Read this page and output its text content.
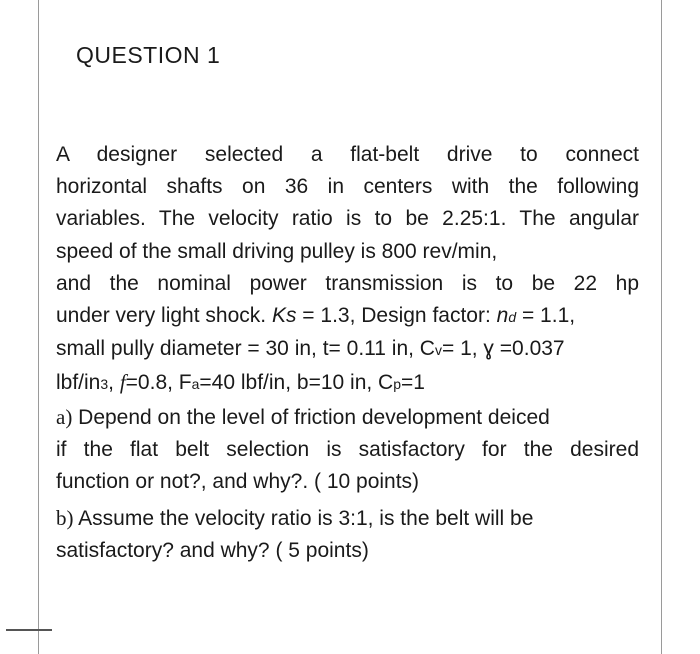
QUESTION 1
A designer selected a flat-belt drive to connect
horizontal shafts on 36 in centers with the following
variables. The velocity ratio is to be 2.25:1. The angular
speed of the small driving pulley is 800 rev/min,
and the nominal power transmission is to be 22 hp
under very light shock. Ks = 1.3, Design factor: nd = 1.1,
small pully diameter = 30 in, t= 0.11 in, Cv= 1, ɣ =0.037
lbf/in3, f=0.8, Fa=40 lbf/in, b=10 in, Cp=1
a) Depend on the level of friction development deiced
if the flat belt selection is satisfactory for the desired
function or not?, and why?. ( 10 points)
b) Assume the velocity ratio is 3:1, is the belt will be
satisfactory? and why? ( 5 points)
